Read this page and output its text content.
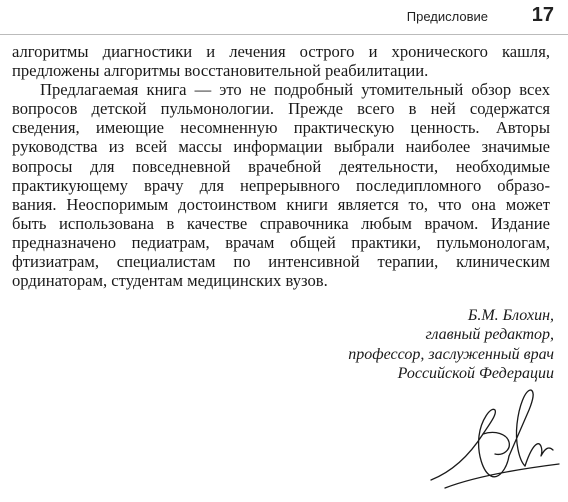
Предисловие 17

алгоритмы диагностики и лечения острого и хронического кашля,
предложены алгоритмы восстановительной реабилитации.

Предлагаемая книга — это не подробный утомительный обзор всех
вопросов детской пульмонологии. Прежде всего в ней содержатся
сведения, имеющие несомненную практическую ценность. Авторы
руководства из всей массы информации выбрали наиболее значимые
вопросы для повседневной врачебной деятельности, необходимые
практикующему врачу для непрерывного последипломного образо-
вания. Неоспоримым достоинством книги является то, что она может
быть использована в качестве справочника любым врачом. Издание
предназначено педиатрам, врачам общей практики, пульмонологам,
фтизиатрам, специалистам по интенсивной терапии, клиническим
ординаторам, студентам медицинских вузов.

Б.М. Блохин,
главный редактор,
профессор, заслуженный врач
Российской Федерации
